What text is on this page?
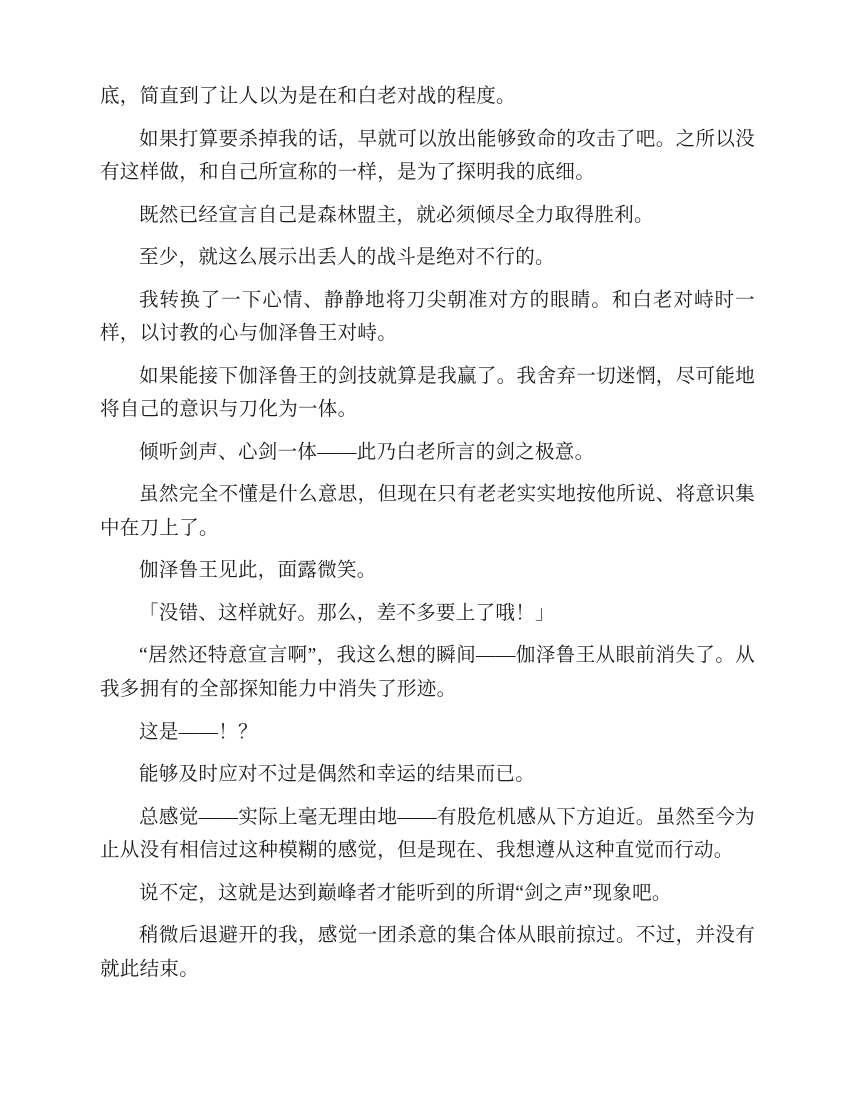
底，简直到了让人以为是在和白老对战的程度。

如果打算要杀掉我的话，早就可以放出能够致命的攻击了吧。之所以没有这样做，和自己所宣称的一样，是为了探明我的底细。

既然已经宣言自己是森林盟主，就必须倾尽全力取得胜利。

至少，就这么展示出丢人的战斗是绝对不行的。

我转换了一下心情、静静地将刀尖朝准对方的眼睛。和白老对峙时一样，以讨教的心与伽泽鲁王对峙。

如果能接下伽泽鲁王的剑技就算是我赢了。我舍弃一切迷惘，尽可能地将自己的意识与刀化为一体。

倾听剑声、心剑一体——此乃白老所言的剑之极意。

虽然完全不懂是什么意思，但现在只有老老实实地按他所说、将意识集中在刀上了。

伽泽鲁王见此，面露微笑。

「没错、这样就好。那么，差不多要上了哦！」

“居然还特意宣言啊”，我这么想的瞬间——伽泽鲁王从眼前消失了。从我多拥有的全部探知能力中消失了形迹。

这是——！？

能够及时应对不过是偶然和幸运的结果而已。

总感觉——实际上毫无理由地——有股危机感从下方迫近。虽然至今为止从没有相信过这种模糊的感觉，但是现在、我想遵从这种直觉而行动。

说不定，这就是达到巅峰者才能听到的所谓“剑之声”现象吧。

稍微后退避开的我，感觉一团杀意的集合体从眼前掠过。不过，并没有就此结束。
